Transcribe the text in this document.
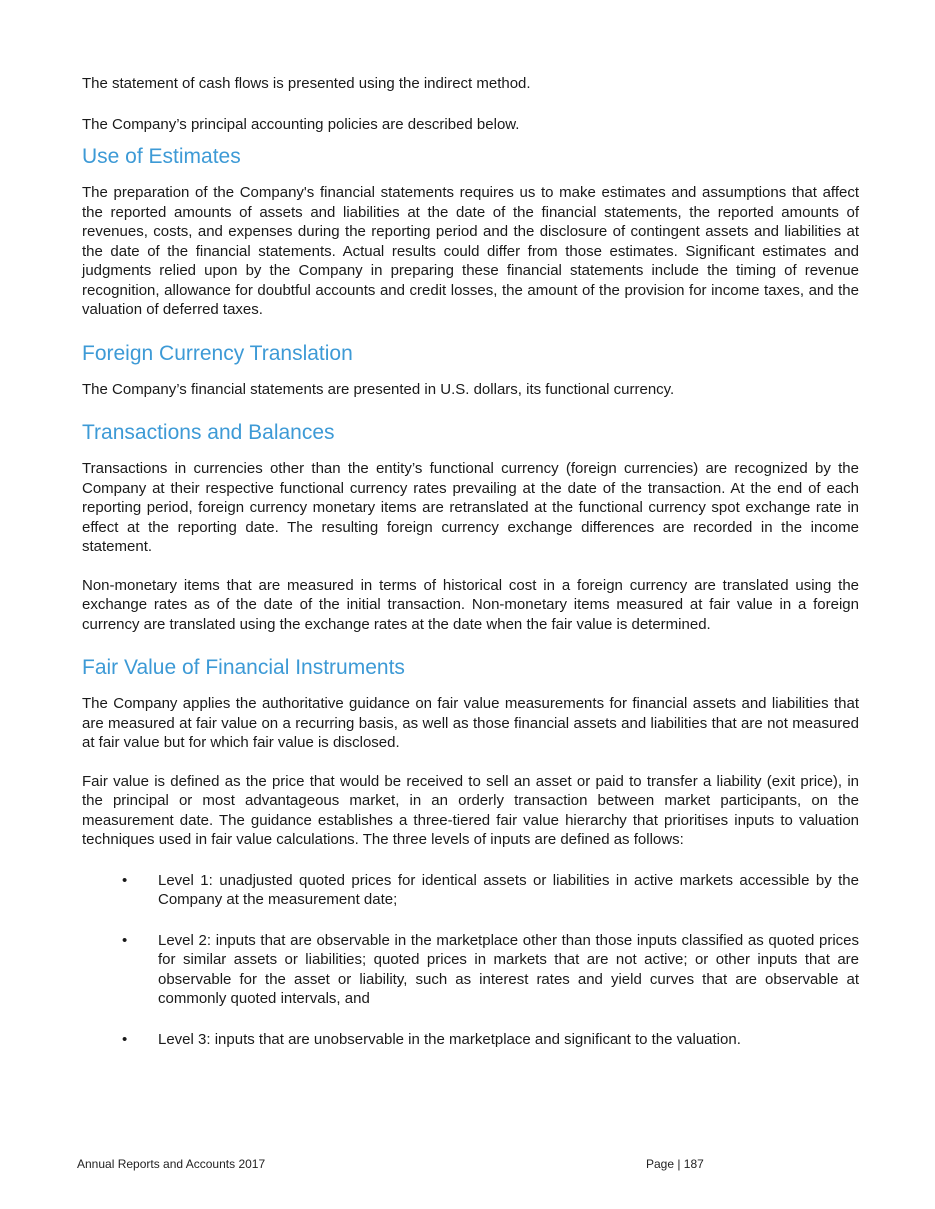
The statement of cash flows is presented using the indirect method.

The Company’s principal accounting policies are described below.

Use of Estimates

The preparation of the Company's financial statements requires us to make estimates and assumptions that affect the reported amounts of assets and liabilities at the date of the financial statements, the reported amounts of revenues, costs, and expenses during the reporting period and the disclosure of contingent assets and liabilities at the date of the financial statements. Actual results could differ from those estimates. Significant estimates and judgments relied upon by the Company in preparing these financial statements include the timing of revenue recognition, allowance for doubtful accounts and credit losses, the amount of the provision for income taxes, and the valuation of deferred taxes.

Foreign Currency Translation

The Company’s financial statements are presented in U.S. dollars, its functional currency.

Transactions and Balances

Transactions in currencies other than the entity’s functional currency (foreign currencies) are recognized by the Company at their respective functional currency rates prevailing at the date of the transaction. At the end of each reporting period, foreign currency monetary items are retranslated at the functional currency spot exchange rate in effect at the reporting date. The resulting foreign currency exchange differences are recorded in the income statement.

Non-monetary items that are measured in terms of historical cost in a foreign currency are translated using the exchange rates as of the date of the initial transaction. Non-monetary items measured at fair value in a foreign currency are translated using the exchange rates at the date when the fair value is determined.

Fair Value of Financial Instruments

The Company applies the authoritative guidance on fair value measurements for financial assets and liabilities that are measured at fair value on a recurring basis, as well as those financial assets and liabilities that are not measured at fair value but for which fair value is disclosed.

Fair value is defined as the price that would be received to sell an asset or paid to transfer a liability (exit price), in the principal or most advantageous market, in an orderly transaction between market participants, on the measurement date. The guidance establishes a three-tiered fair value hierarchy that prioritises inputs to valuation techniques used in fair value calculations. The three levels of inputs are defined as follows:

• Level 1: unadjusted quoted prices for identical assets or liabilities in active markets accessible by the Company at the measurement date;
• Level 2: inputs that are observable in the marketplace other than those inputs classified as quoted prices for similar assets or liabilities; quoted prices in markets that are not active; or other inputs that are observable for the asset or liability, such as interest rates and yield curves that are observable at commonly quoted intervals, and
• Level 3: inputs that are unobservable in the marketplace and significant to the valuation.
Annual Reports and Accounts 2017	Page | 187
